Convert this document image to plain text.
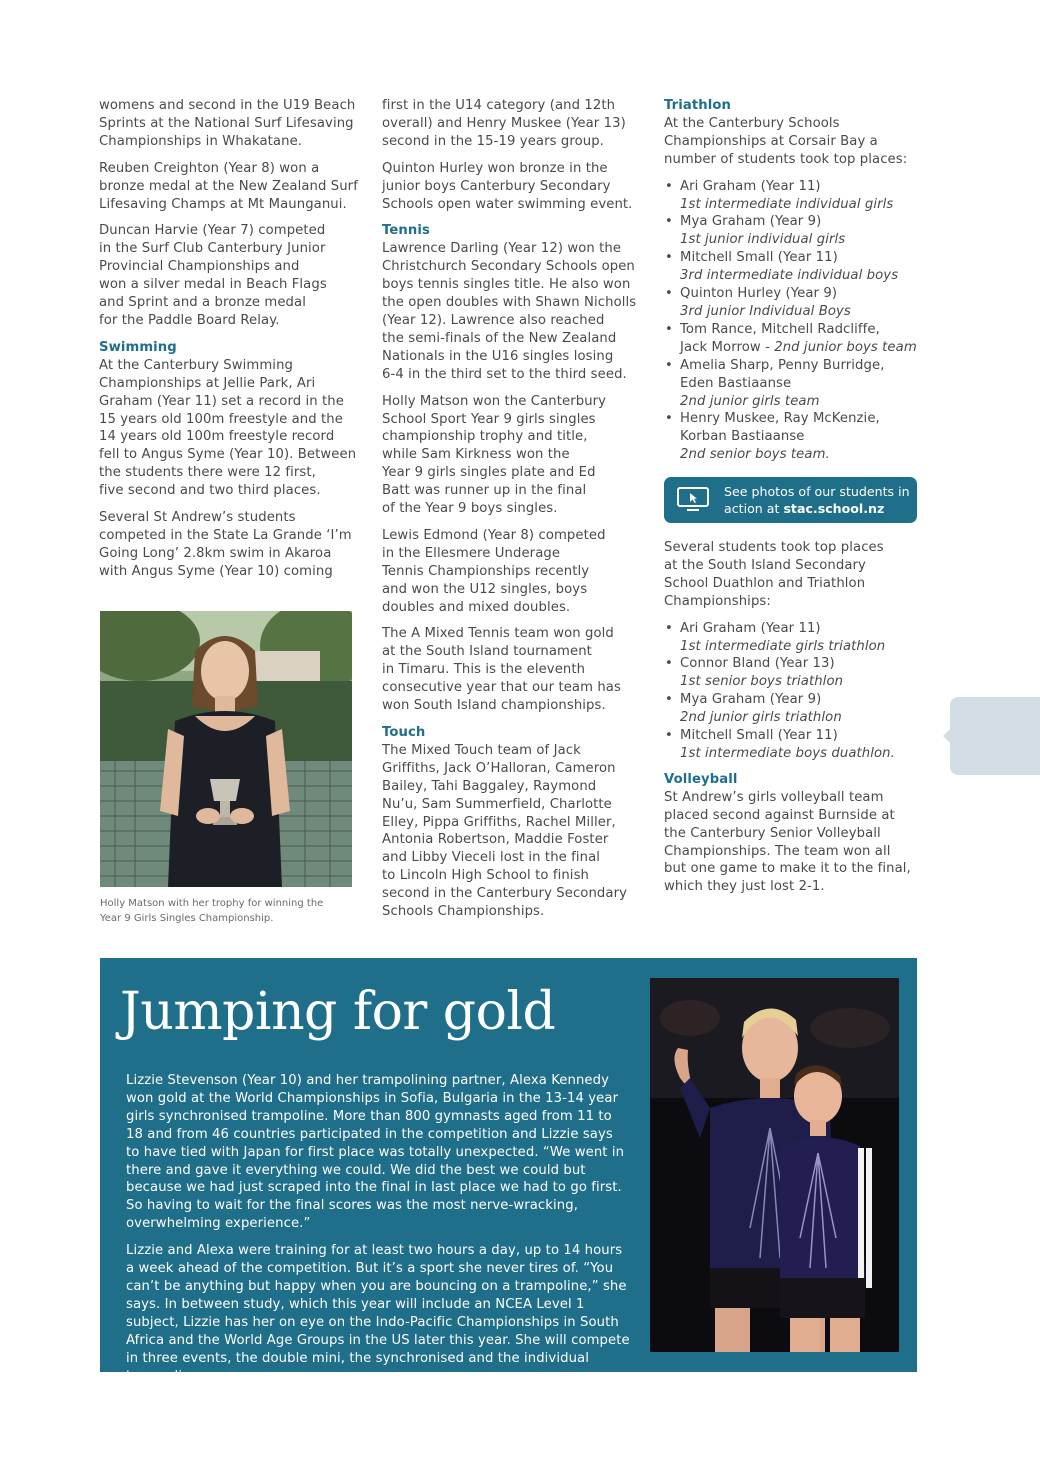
womens and second in the U19 Beach
Sprints at the National Surf Lifesaving
Championships in Whakatane.

Reuben Creighton (Year 8) won a
bronze medal at the New Zealand Surf
Lifesaving Champs at Mt Maunganui.

Duncan Harvie (Year 7) competed
in the Surf Club Canterbury Junior
Provincial Championships and
won a silver medal in Beach Flags
and Sprint and a bronze medal
for the Paddle Board Relay.

Swimming

At the Canterbury Swimming
Championships at Jellie Park, Ari
Graham (Year 11) set a record in the
15 years old 100m freestyle and the
14 years old 100m freestyle record
fell to Angus Syme (Year 10). Between
the students there were 12 first,
five second and two third places.

Several St Andrew’s students
competed in the State La Grande ‘I’m
Going Long’ 2.8km swim in Akaroa
with Angus Syme (Year 10) coming

Holly Matson with her trophy for winning the
Year 9 Girls Singles Championship.

first in the U14 category (and 12th
overall) and Henry Muskee (Year 13)
second in the 15-19 years group.

Quinton Hurley won bronze in the
junior boys Canterbury Secondary
Schools open water swimming event.

Tennis

Lawrence Darling (Year 12) won the
Christchurch Secondary Schools open
boys tennis singles title. He also won
the open doubles with Shawn Nicholls
(Year 12). Lawrence also reached
the semi-finals of the New Zealand
Nationals in the U16 singles losing
6-4 in the third set to the third seed.

Holly Matson won the Canterbury
School Sport Year 9 girls singles
championship trophy and title,
while Sam Kirkness won the
Year 9 girls singles plate and Ed
Batt was runner up in the final
of the Year 9 boys singles.

Lewis Edmond (Year 8) competed
in the Ellesmere Underage
Tennis Championships recently
and won the U12 singles, boys
doubles and mixed doubles.

The A Mixed Tennis team won gold
at the South Island tournament
in Timaru. This is the eleventh
consecutive year that our team has
won South Island championships.

Touch

The Mixed Touch team of Jack
Griffiths, Jack O’Halloran, Cameron
Bailey, Tahi Baggaley, Raymond
Nu’u, Sam Summerfield, Charlotte
Elley, Pippa Griffiths, Rachel Miller,
Antonia Robertson, Maddie Foster
and Libby Vieceli lost in the final
to Lincoln High School to finish
second in the Canterbury Secondary
Schools Championships.

Triathlon

At the Canterbury Schools
Championships at Corsair Bay a
number of students took top places:

• Ari Graham (Year 11)
1st intermediate individual girls
• Mya Graham (Year 9)
1st junior individual girls
• Mitchell Small (Year 11)
3rd intermediate individual boys
• Quinton Hurley (Year 9)
3rd junior Individual Boys
• Tom Rance, Mitchell Radcliffe,
Jack Morrow - 2nd junior boys team
• Amelia Sharp, Penny Burridge,
Eden Bastiaanse
2nd junior girls team
• Henry Muskee, Ray McKenzie,
Korban Bastiaanse
2nd senior boys team.
See photos of our students in
action at stac.school.nz

Several students took top places
at the South Island Secondary
School Duathlon and Triathlon
Championships:

• Ari Graham (Year 11)
1st intermediate girls triathlon
• Connor Bland (Year 13)
1st senior boys triathlon
• Mya Graham (Year 9)
2nd junior girls triathlon
• Mitchell Small (Year 11)
1st intermediate boys duathlon.
Volleyball

St Andrew’s girls volleyball team
placed second against Burnside at
the Canterbury Senior Volleyball
Championships. The team won all
but one game to make it to the final,
which they just lost 2-1.

Jumping for gold

Lizzie Stevenson (Year 10) and her trampolining partner, Alexa Kennedy won gold at the World Championships in Sofia, Bulgaria in the 13-14 year girls synchronised trampoline. More than 800 gymnasts aged from 11 to 18 and from 46 countries participated in the competition and Lizzie says to have tied with Japan for first place was totally unexpected. “We went in there and gave it everything we could. We did the best we could but because we had just scraped into the final in last place we had to go first. So having to wait for the final scores was the most nerve-wracking, overwhelming experience.”

Lizzie and Alexa were training for at least two hours a day, up to 14 hours a week ahead of the competition. But it’s a sport she never tires of. “You can’t be anything but happy when you are bouncing on a trampoline,” she says. In between study, which this year will include an NCEA Level 1 subject, Lizzie has her on eye on the Indo-Pacific Championships in South Africa and the World Age Groups in the US later this year. She will compete in three events, the double mini, the synchronised and the individual trampoline.
